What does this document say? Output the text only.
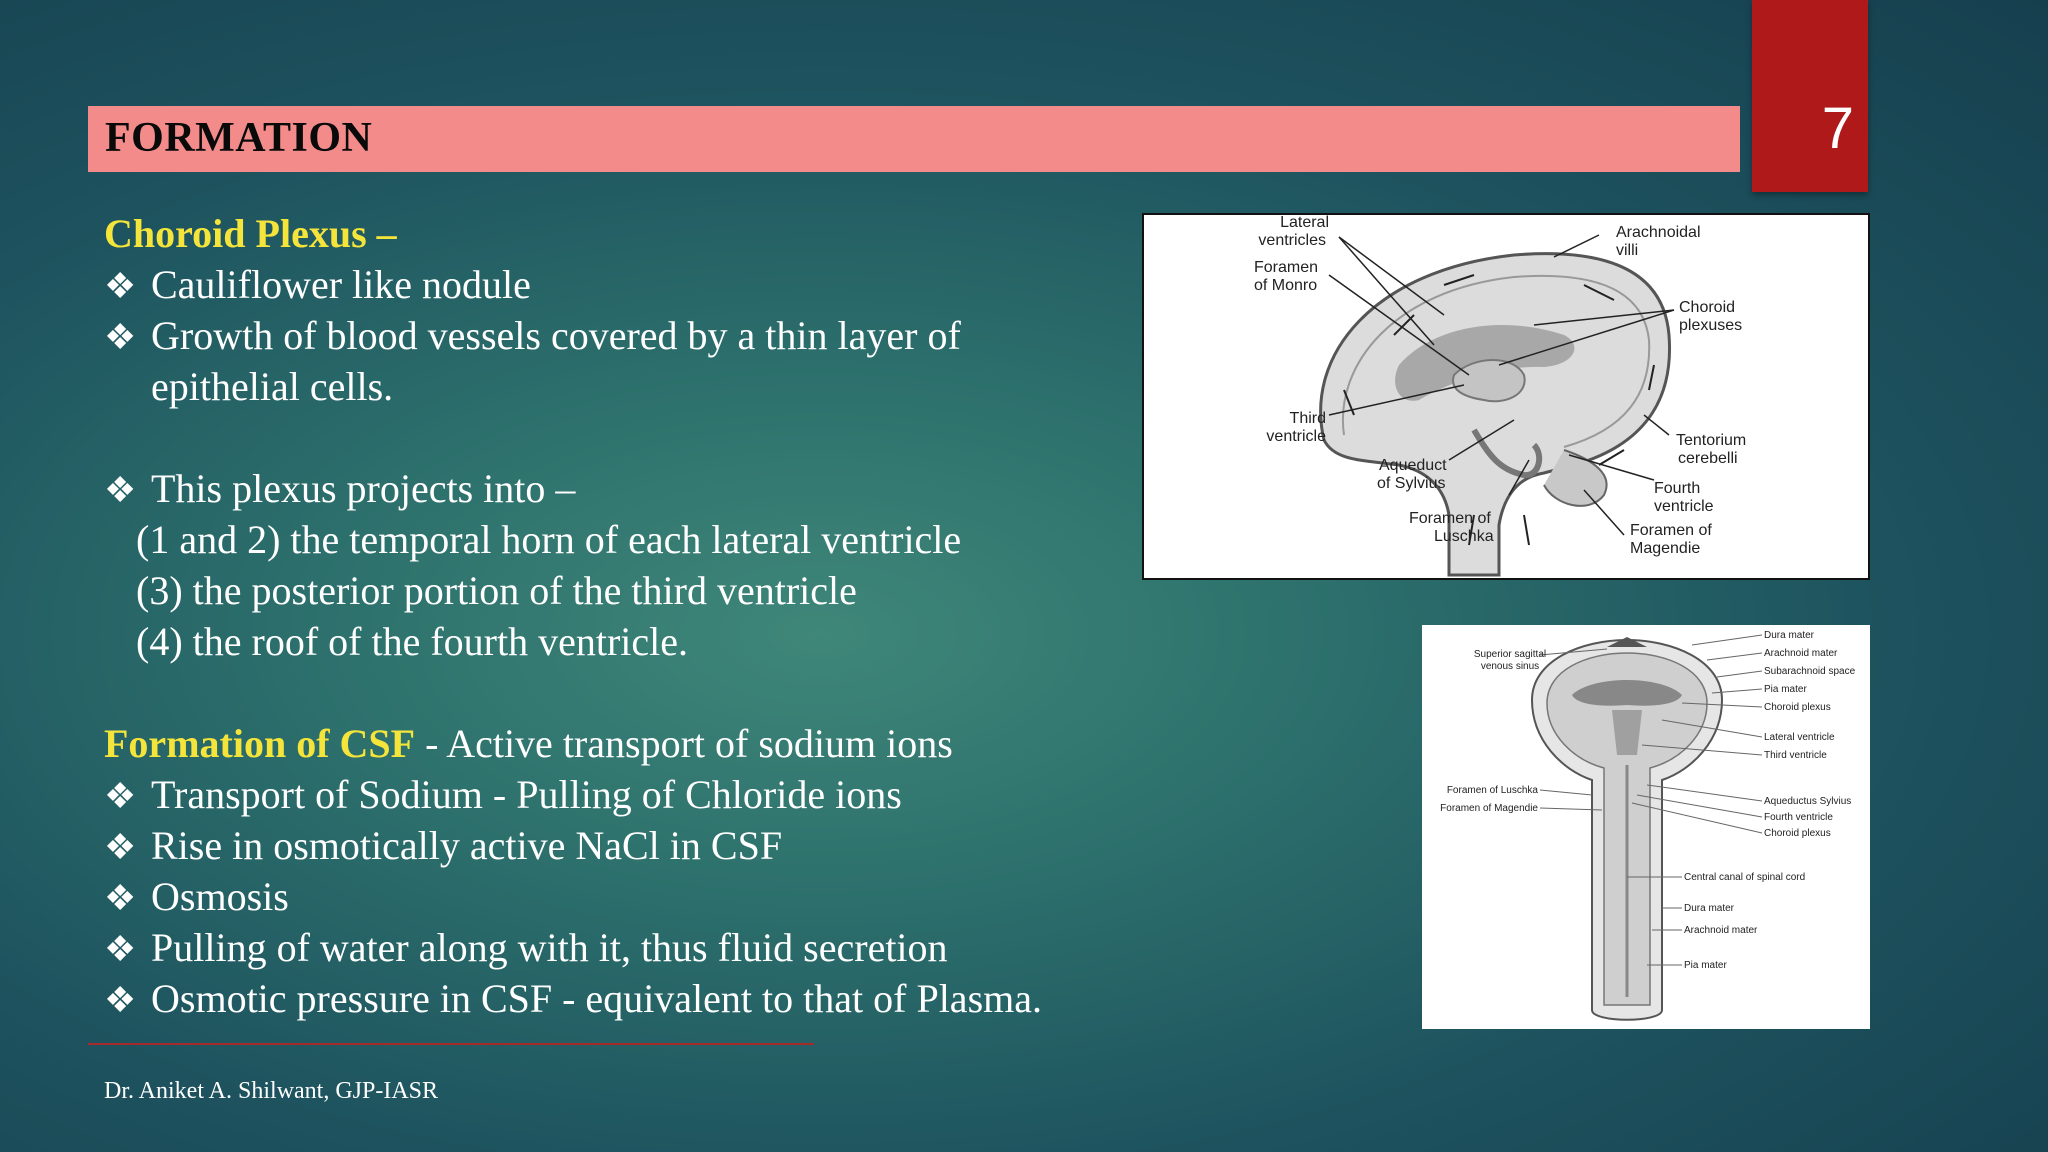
FORMATION	7
Choroid Plexus –
❖ Cauliflower like nodule
❖ Growth of blood vessels covered by a thin layer of
epithelial cells.
❖ This plexus projects into –
(1 and 2) the temporal horn of each lateral ventricle
(3) the posterior portion of the third ventricle
(4) the roof of the fourth ventricle.
Formation of CSF - Active transport of sodium ions
❖ Transport of Sodium - Pulling of Chloride ions
❖ Rise in osmotically active NaCl in CSF
❖ Osmosis
❖ Pulling of water along with it, thus fluid secretion
❖ Osmotic pressure in CSF - equivalent to that of Plasma.
Dr. Aniket A. Shilwant, GJP-IASR
Lateral
ventricles
Foramen
of Monro
Third
ventricle
Aqueduct
of Sylvius
Foramen of
Luschka
Arachnoidal
villi
Choroid
plexuses
Tentorium
cerebelli
Fourth
ventricle
Foramen of
Magendie
Superior sagittal
venous sinus
Foramen of Luschka
Foramen of Magendie
Dura mater
Arachnoid mater
Subarachnoid space
Pia mater
Choroid plexus
Lateral ventricle
Third ventricle
Aqueductus Sylvius
Fourth ventricle
Choroid plexus
Central canal of spinal cord
Dura mater
Arachnoid mater
Pia mater
